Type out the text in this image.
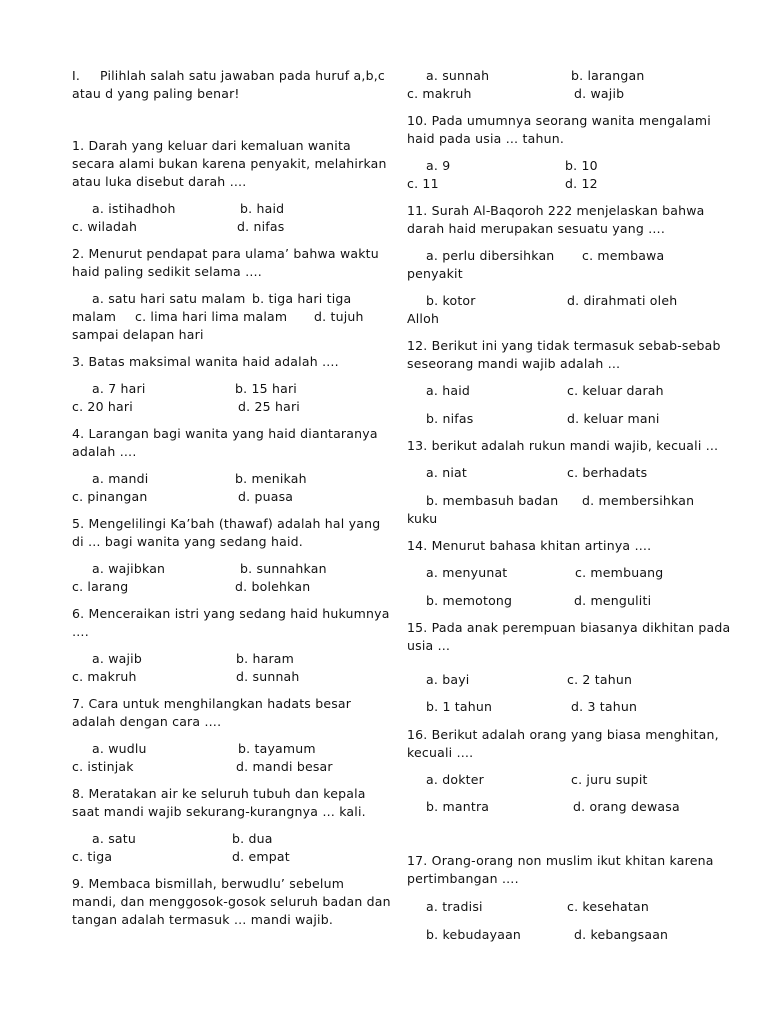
I. Pilihlah salah satu jawaban pada huruf a,b,c
atau d yang paling benar!
1. Darah yang keluar dari kemaluan wanita
secara alami bukan karena penyakit, melahirkan
atau luka disebut darah ….
a. istihadhoh	b. haid
c. wiladah	d. nifas
2. Menurut pendapat para ulama’ bahwa waktu
haid paling sedikit selama ….
a. satu hari satu malam b. tiga hari tiga
malam c. lima hari lima malam d. tujuh
sampai delapan hari
3. Batas maksimal wanita haid adalah ….
a. 7 hari	b. 15 hari
c. 20 hari	d. 25 hari
4. Larangan bagi wanita yang haid diantaranya
adalah ….
a. mandi	b. menikah
c. pinangan	d. puasa
5. Mengelilingi Ka’bah (thawaf) adalah hal yang
di … bagi wanita yang sedang haid.
a. wajibkan	b. sunnahkan
c. larang	d. bolehkan
6. Menceraikan istri yang sedang haid hukumnya
….
a. wajib	b. haram
c. makruh	d. sunnah
7. Cara untuk menghilangkan hadats besar
adalah dengan cara ….
a. wudlu	b. tayamum
c. istinjak	d. mandi besar
8. Meratakan air ke seluruh tubuh dan kepala
saat mandi wajib sekurang-kurangnya … kali.
a. satu	b. dua
c. tiga	d. empat
9. Membaca bismillah, berwudlu’ sebelum
mandi, dan menggosok-gosok seluruh badan dan
tangan adalah termasuk … mandi wajib.
a. sunnah	b. larangan
c. makruh	d. wajib
10. Pada umumnya seorang wanita mengalami
haid pada usia … tahun.
a. 9	b. 10
c. 11	d. 12
11. Surah Al-Baqoroh 222 menjelaskan bahwa
darah haid merupakan sesuatu yang ….
a. perlu dibersihkan c. membawa
penyakit
b. kotor	d. dirahmati oleh
Alloh
12. Berikut ini yang tidak termasuk sebab-sebab
seseorang mandi wajib adalah …
a. haid	c. keluar darah
b. nifas	d. keluar mani
13. berikut adalah rukun mandi wajib, kecuali …
a. niat	c. berhadats
b. membasuh badan d. membersihkan
kuku
14. Menurut bahasa khitan artinya ….
a. menyunat	c. membuang
b. memotong	d. menguliti
15. Pada anak perempuan biasanya dikhitan pada
usia …
a. bayi	c. 2 tahun
b. 1 tahun	d. 3 tahun
16. Berikut adalah orang yang biasa menghitan,
kecuali ….
a. dokter	c. juru supit
b. mantra	d. orang dewasa
17. Orang-orang non muslim ikut khitan karena
pertimbangan ….
a. tradisi	c. kesehatan
b. kebudayaan	d. kebangsaan
